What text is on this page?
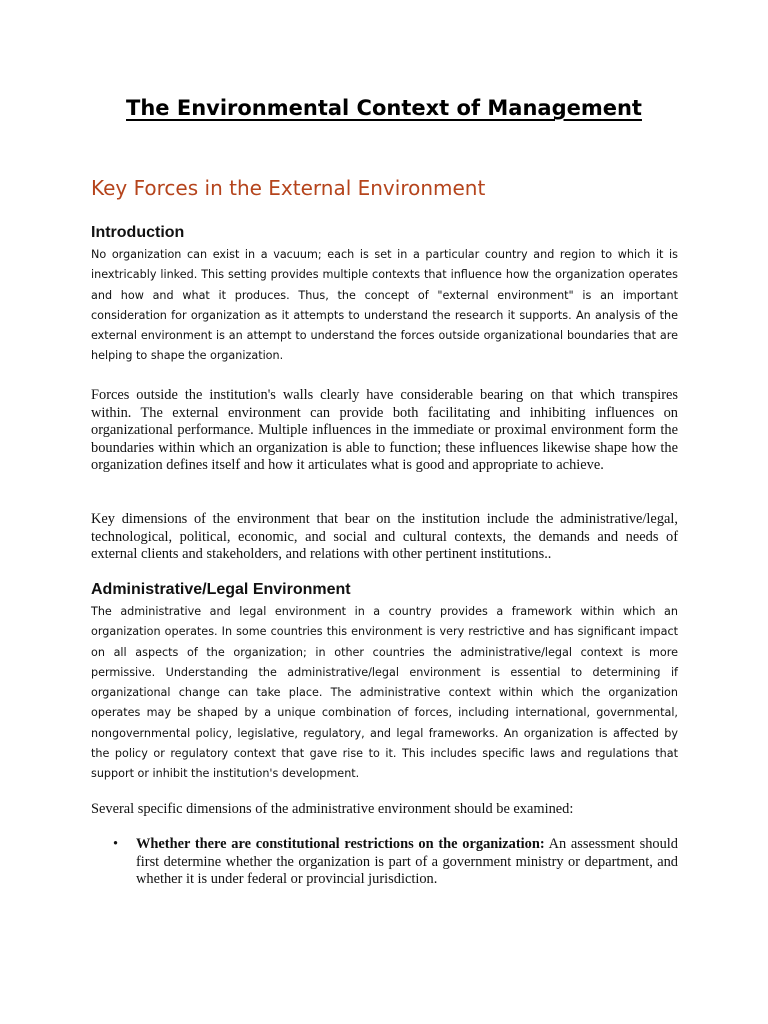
The Environmental Context of Management
Key Forces in the External Environment
Introduction

No organization can exist in a vacuum; each is set in a particular country and region to which it is inextricably linked. This setting provides multiple contexts that influence how the organization operates and how and what it produces. Thus, the concept of "external environment" is an important consideration for organization as it attempts to understand the research it supports. An analysis of the external environment is an attempt to understand the forces outside organizational boundaries that are helping to shape the organization.

Forces outside the institution's walls clearly have considerable bearing on that which transpires within. The external environment can provide both facilitating and inhibiting influences on organizational performance. Multiple influences in the immediate or proximal environment form the boundaries within which an organization is able to function; these influences likewise shape how the organization defines itself and how it articulates what is good and appropriate to achieve.

Key dimensions of the environment that bear on the institution include the administrative/legal, technological, political, economic, and social and cultural contexts, the demands and needs of external clients and stakeholders, and relations with other pertinent institutions..

Administrative/Legal Environment

The administrative and legal environment in a country provides a framework within which an organization operates. In some countries this environment is very restrictive and has significant impact on all aspects of the organization; in other countries the administrative/legal context is more permissive. Understanding the administrative/legal environment is essential to determining if organizational change can take place. The administrative context within which the organization operates may be shaped by a unique combination of forces, including international, governmental, nongovernmental policy, legislative, regulatory, and legal frameworks. An organization is affected by the policy or regulatory context that gave rise to it. This includes specific laws and regulations that support or inhibit the institution's development.

Several specific dimensions of the administrative environment should be examined:

• Whether there are constitutional restrictions on the organization: An assessment should first determine whether the organization is part of a government ministry or department, and whether it is under federal or provincial jurisdiction.
